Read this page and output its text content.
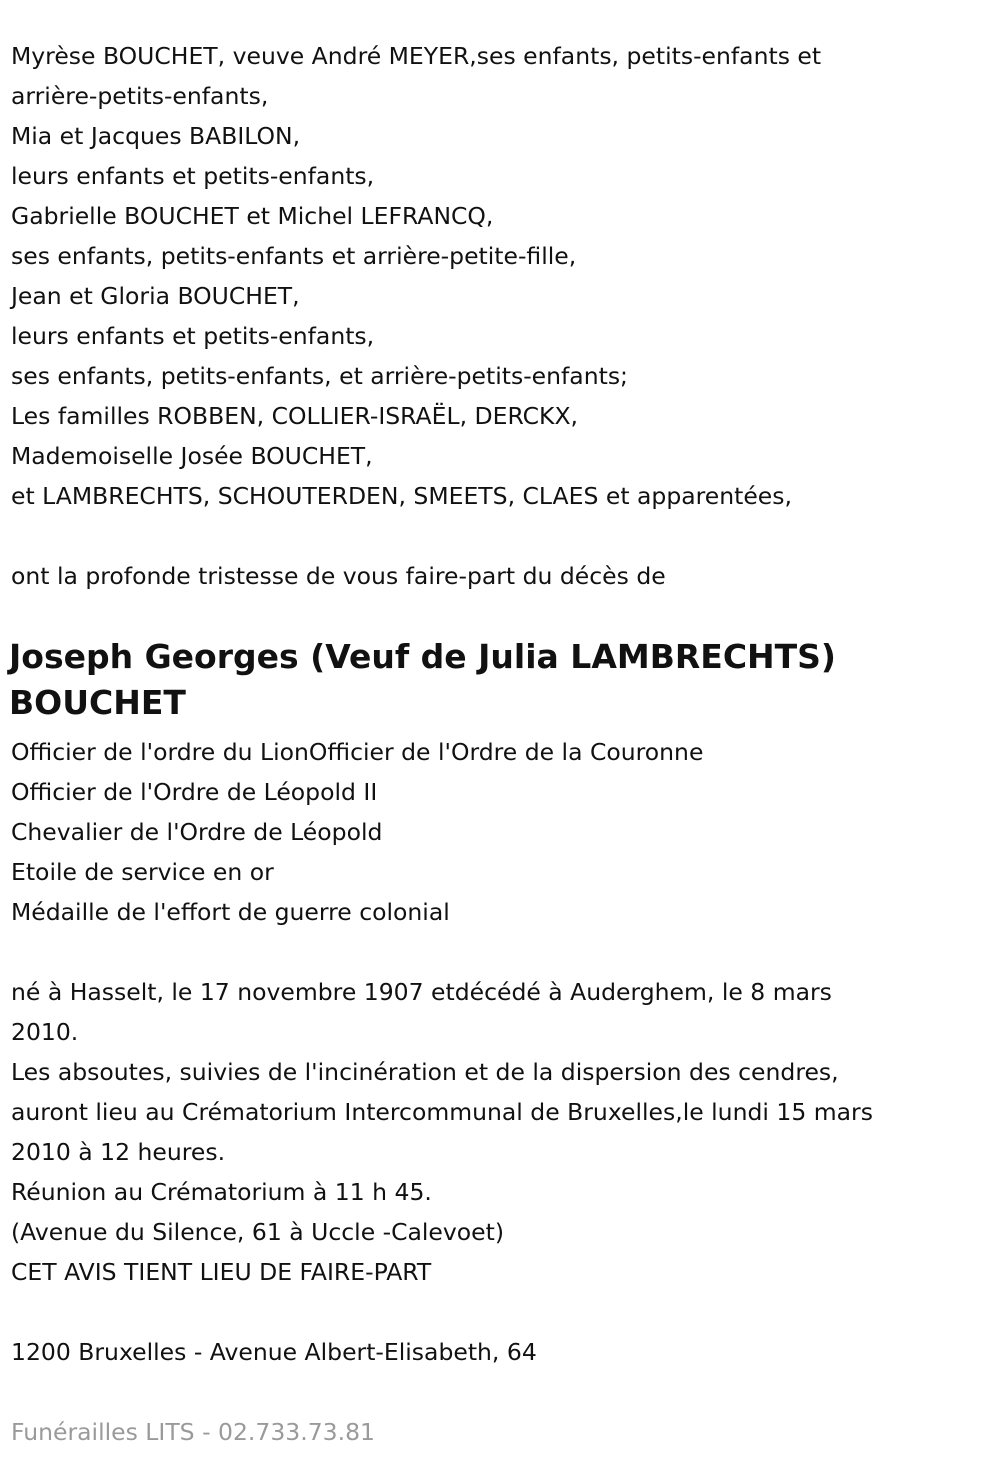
Myrèse BOUCHET, veuve André MEYER,ses enfants, petits-enfants et
arrière-petits-enfants,
Mia et Jacques BABILON,
leurs enfants et petits-enfants,
Gabrielle BOUCHET et Michel LEFRANCQ,
ses enfants, petits-enfants et arrière-petite-fille,
Jean et Gloria BOUCHET,
leurs enfants et petits-enfants,
ses enfants, petits-enfants, et arrière-petits-enfants;
Les familles ROBBEN, COLLIER-ISRAËL, DERCKX,
Mademoiselle Josée BOUCHET,
et LAMBRECHTS, SCHOUTERDEN, SMEETS, CLAES et apparentées,
ont la profonde tristesse de vous faire-part du décès de
Joseph Georges (Veuf de Julia LAMBRECHTS)
BOUCHET
Officier de l'ordre du LionOfficier de l'Ordre de la Couronne
Officier de l'Ordre de Léopold II
Chevalier de l'Ordre de Léopold
Etoile de service en or
Médaille de l'effort de guerre colonial
né à Hasselt, le 17 novembre 1907 etdécédé à Auderghem, le 8 mars
2010.
Les absoutes, suivies de l'incinération et de la dispersion des cendres,
auront lieu au Crématorium Intercommunal de Bruxelles,le lundi 15 mars
2010 à 12 heures.
Réunion au Crématorium à 11 h 45.
(Avenue du Silence, 61 à Uccle -Calevoet)
CET AVIS TIENT LIEU DE FAIRE-PART
1200 Bruxelles - Avenue Albert-Elisabeth, 64
Funérailles LITS - 02.733.73.81
